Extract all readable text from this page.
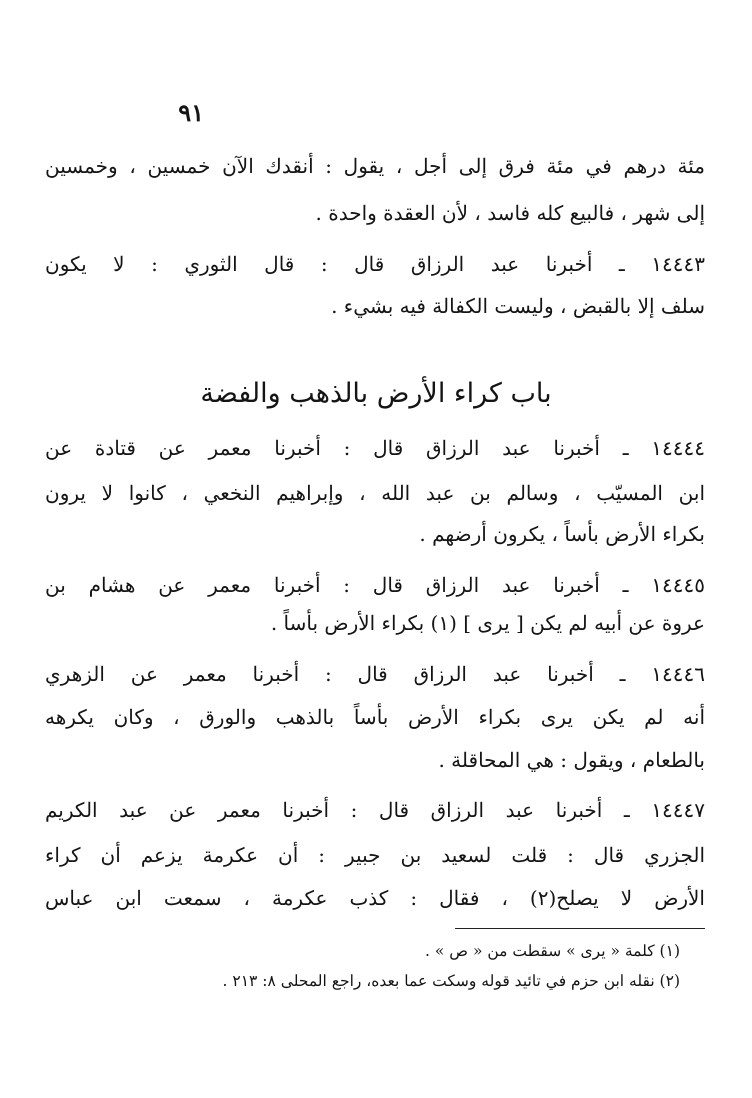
٩١
مئة درهم في مئة فرق إلى أجل ، يقول : أنقدك الآن خمسين ، وخمسين
إلى شهر ، فالبيع كله فاسد ، لأن العقدة واحدة .
١٤٤٤٣ ـ أخبرنا عبد الرزاق قال : قال الثوري : لا يكون
سلف إلا بالقبض ، وليست الكفالة فيه بشيء .
باب كراء الأرض بالذهب والفضة
١٤٤٤٤ ـ أخبرنا عبد الرزاق قال : أخبرنا معمر عن قتادة عن
ابن المسيّب ، وسالم بن عبد الله ، وإبراهيم النخعي ، كانوا لا يرون
بكراء الأرض بأساً ، يكرون أرضهم .
١٤٤٤٥ ـ أخبرنا عبد الرزاق قال : أخبرنا معمر عن هشام بن
عروة عن أبيه لم يكن [ يرى ] (١) بكراء الأرض بأساً .
١٤٤٤٦ ـ أخبرنا عبد الرزاق قال : أخبرنا معمر عن الزهري
أنه لم يكن يرى بكراء الأرض بأساً بالذهب والورق ، وكان يكرهه
بالطعام ، ويقول : هي المحاقلة .
١٤٤٤٧ ـ أخبرنا عبد الرزاق قال : أخبرنا معمر عن عبد الكريم
الجزري قال : قلت لسعيد بن جبير : أن عكرمة يزعم أن كراء
الأرض لا يصلح(٢) ، فقال : كذب عكرمة ، سمعت ابن عباس
(١) كلمة « يرى » سقطت من « ص » .
(٢) نقله ابن حزم في تائيد قوله وسكت عما بعده، راجع المحلى ٨: ٢١٣ .
